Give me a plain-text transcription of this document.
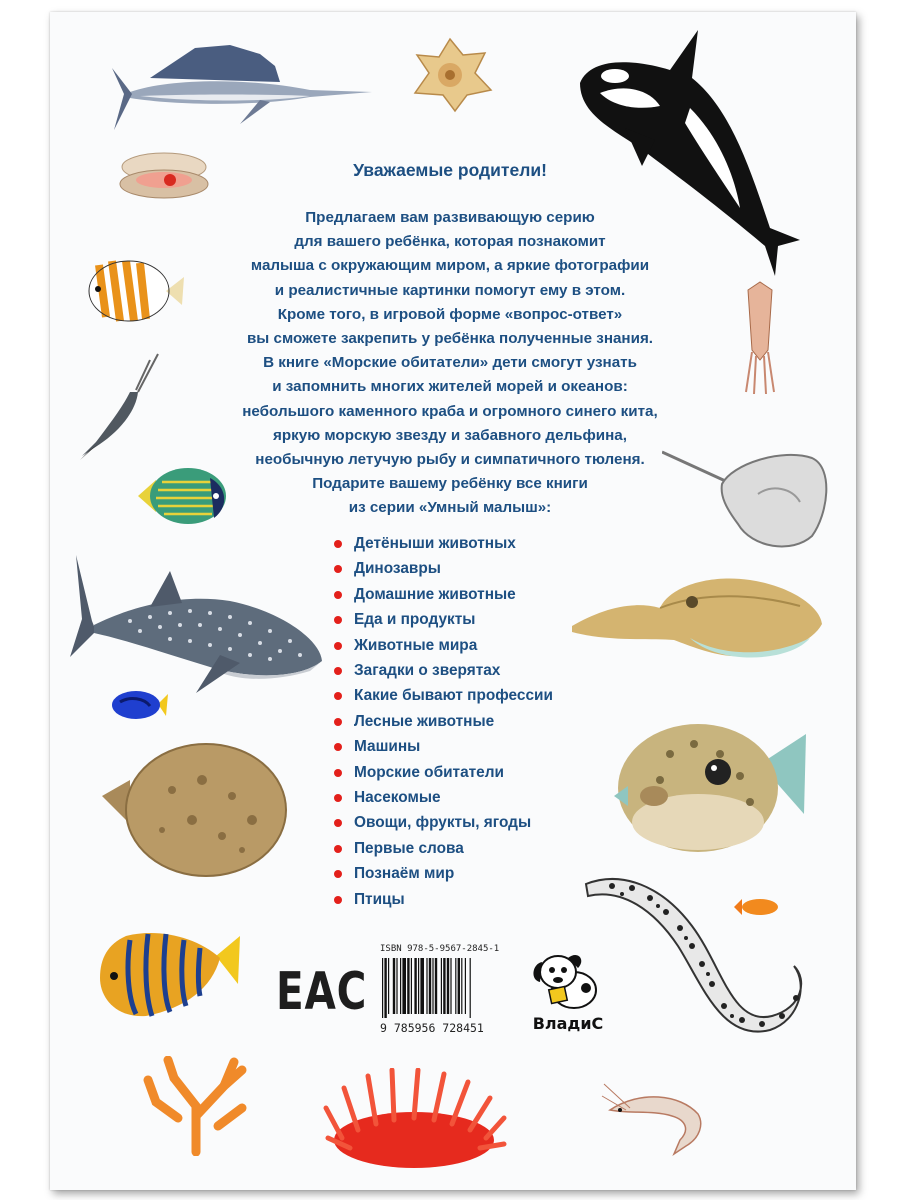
Уважаемые родители!
Предлагаем вам развивающую серию
для вашего ребёнка, которая познакомит
малыша с окружающим миром, а яркие фотографии
и реалистичные картинки помогут ему в этом.
Кроме того, в игровой форме «вопрос-ответ»
вы сможете закрепить у ребёнка полученные знания.
В книге «Морские обитатели» дети смогут узнать
и запомнить многих жителей морей и океанов:
небольшого каменного краба и огромного синего кита,
яркую морскую звезду и забавного дельфина,
необычную летучую рыбу и симпатичного тюленя.
Подарите вашему ребёнку все книги
из серии «Умный малыш»:
Детёныши животных
Динозавры
Домашние животные
Еда и продукты
Животные мира
Загадки о зверятах
Какие бывают профессии
Лесные животные
Машины
Морские обитатели
Насекомые
Овощи, фрукты, ягоды
Первые слова
Познаём мир
Птицы
EAC
ISBN 978-5-9567-2845-1
9 785956 728451	ВладиС
